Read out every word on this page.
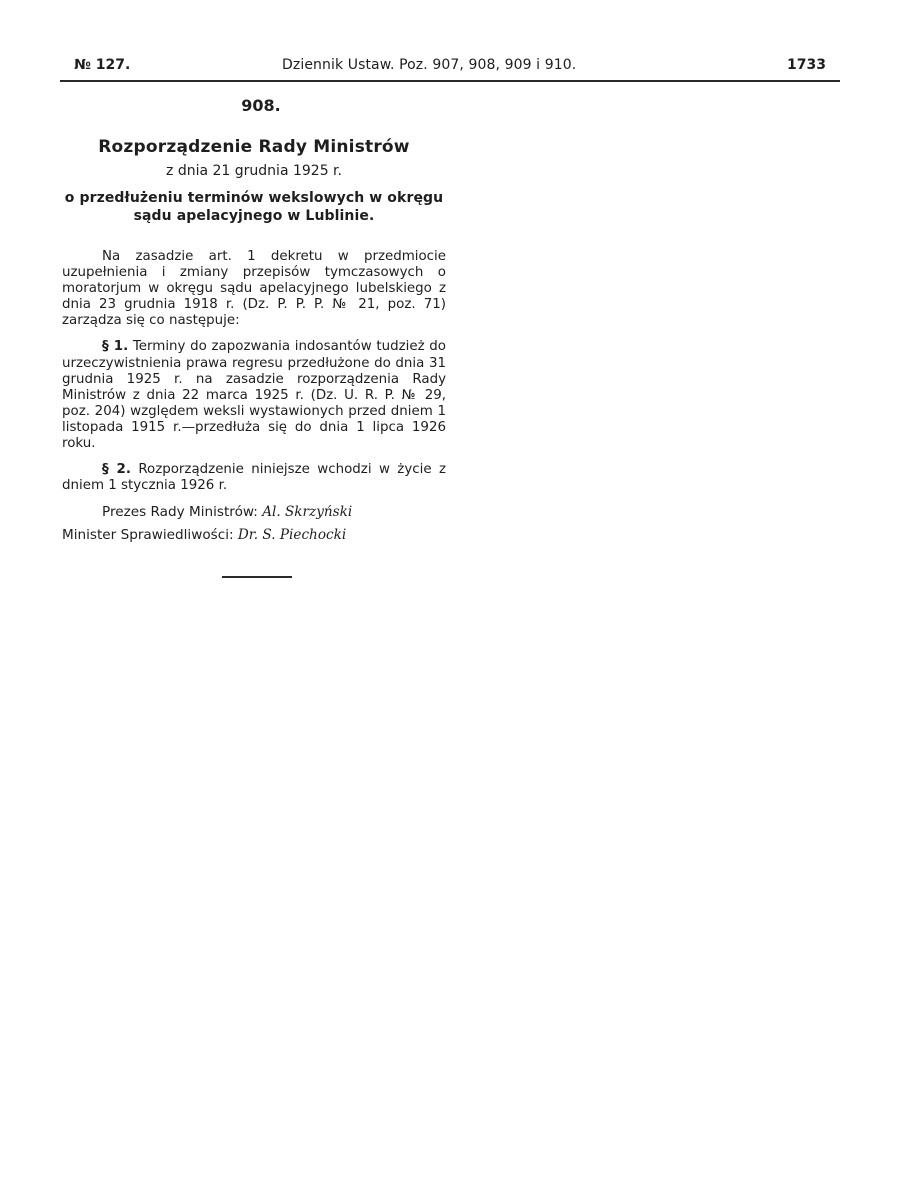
№ 127.	Dziennik Ustaw. Poz. 907, 908, 909 i 910.	1733
908.
Rozporządzenie Rady Ministrów
z dnia 21 grudnia 1925 r.
o przedłużeniu terminów wekslowych w okręgu
sądu apelacyjnego w Lublinie.

Na zasadzie art. 1 dekretu w przedmiocie uzupełnienia i zmiany przepisów tymczasowych o moratorjum w okręgu sądu apelacyjnego lubelskiego z dnia 23 grudnia 1918 r. (Dz. P. P. P. № 21, poz. 71) zarządza się co następuje:

§ 1. Terminy do zapozwania indosantów tudzież do urzeczywistnienia prawa regresu przedłużone do dnia 31 grudnia 1925 r. na zasadzie rozporządzenia Rady Ministrów z dnia 22 marca 1925 r. (Dz. U. R. P. № 29, poz. 204) względem weksli wystawionych przed dniem 1 listopada 1915 r.—przedłuża się do dnia 1 lipca 1926 roku.

§ 2. Rozporządzenie niniejsze wchodzi w życie z dniem 1 stycznia 1926 r.

Prezes Rady Ministrów: Al. Skrzyński

Minister Sprawiedliwości: Dr. S. Piechocki
